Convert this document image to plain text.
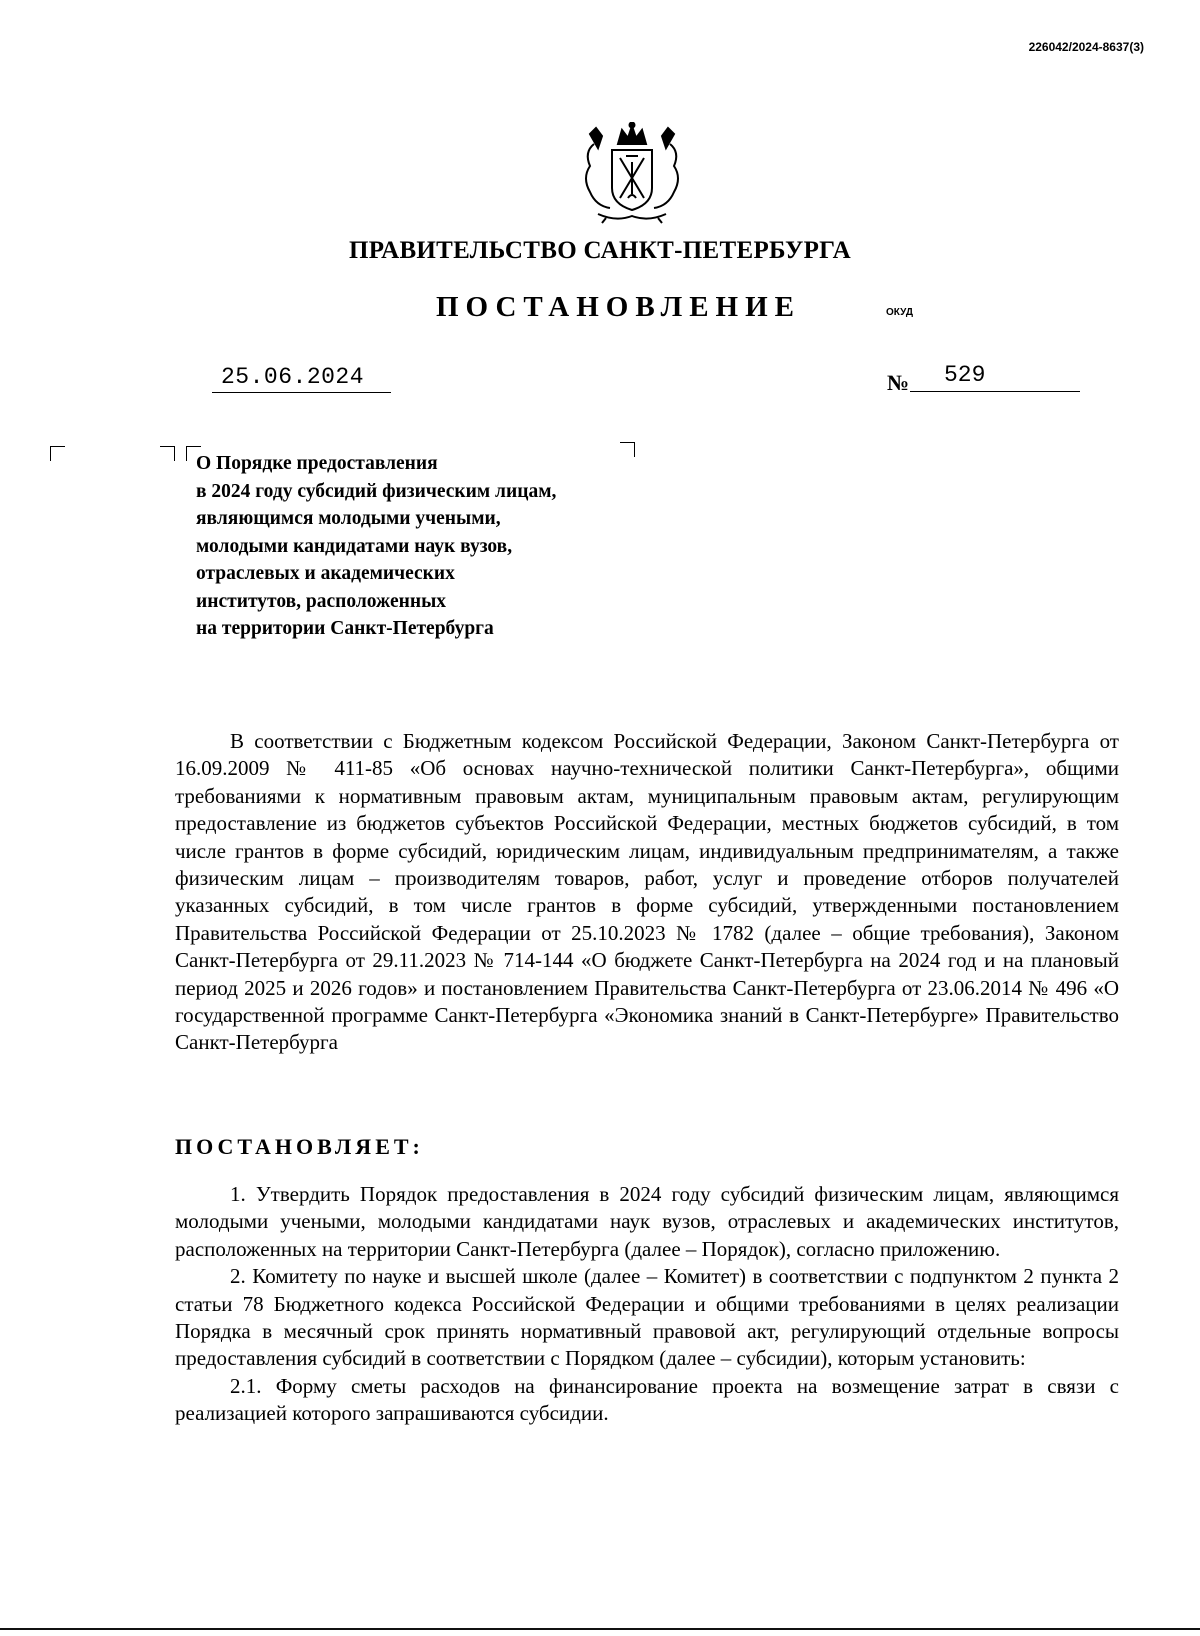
226042/2024-8637(3)
ПРАВИТЕЛЬСТВО САНКТ-ПЕТЕРБУРГА
ПОСТАНОВЛЕНИЕ	ОКУД
25.06.2024	№	529
О Порядке предоставления
в 2024 году субсидий физическим лицам,
являющимся молодыми учеными,
молодыми кандидатами наук вузов,
отраслевых и академических
институтов, расположенных
на территории Санкт-Петербурга

В соответствии с Бюджетным кодексом Российской Федерации, Законом Санкт-Петербурга от 16.09.2009 № 411-85 «Об основах научно-технической политики Санкт-Петербурга», общими требованиями к нормативным правовым актам, муниципальным правовым актам, регулирующим предоставление из бюджетов субъектов Российской Федерации, местных бюджетов субсидий, в том числе грантов в форме субсидий, юридическим лицам, индивидуальным предпринимателям, а также физическим лицам – производителям товаров, работ, услуг и проведение отборов получателей указанных субсидий, в том числе грантов в форме субсидий, утвержденными постановлением Правительства Российской Федерации от 25.10.2023 № 1782 (далее – общие требования), Законом Санкт-Петербурга от 29.11.2023 № 714-144 «О бюджете Санкт-Петербурга на 2024 год и на плановый период 2025 и 2026 годов» и постановлением Правительства Санкт-Петербурга от 23.06.2014 № 496 «О государственной программе Санкт-Петербурга «Экономика знаний в Санкт-Петербурге» Правительство Санкт-Петербурга

ПОСТАНОВЛЯЕТ:

1. Утвердить Порядок предоставления в 2024 году субсидий физическим лицам, являющимся молодыми учеными, молодыми кандидатами наук вузов, отраслевых и академических институтов, расположенных на территории Санкт-Петербурга (далее – Порядок), согласно приложению.

2. Комитету по науке и высшей школе (далее – Комитет) в соответствии с подпунктом 2 пункта 2 статьи 78 Бюджетного кодекса Российской Федерации и общими требованиями в целях реализации Порядка в месячный срок принять нормативный правовой акт, регулирующий отдельные вопросы предоставления субсидий в соответствии с Порядком (далее – субсидии), которым установить:

2.1. Форму сметы расходов на финансирование проекта на возмещение затрат в связи с реализацией которого запрашиваются субсидии.
